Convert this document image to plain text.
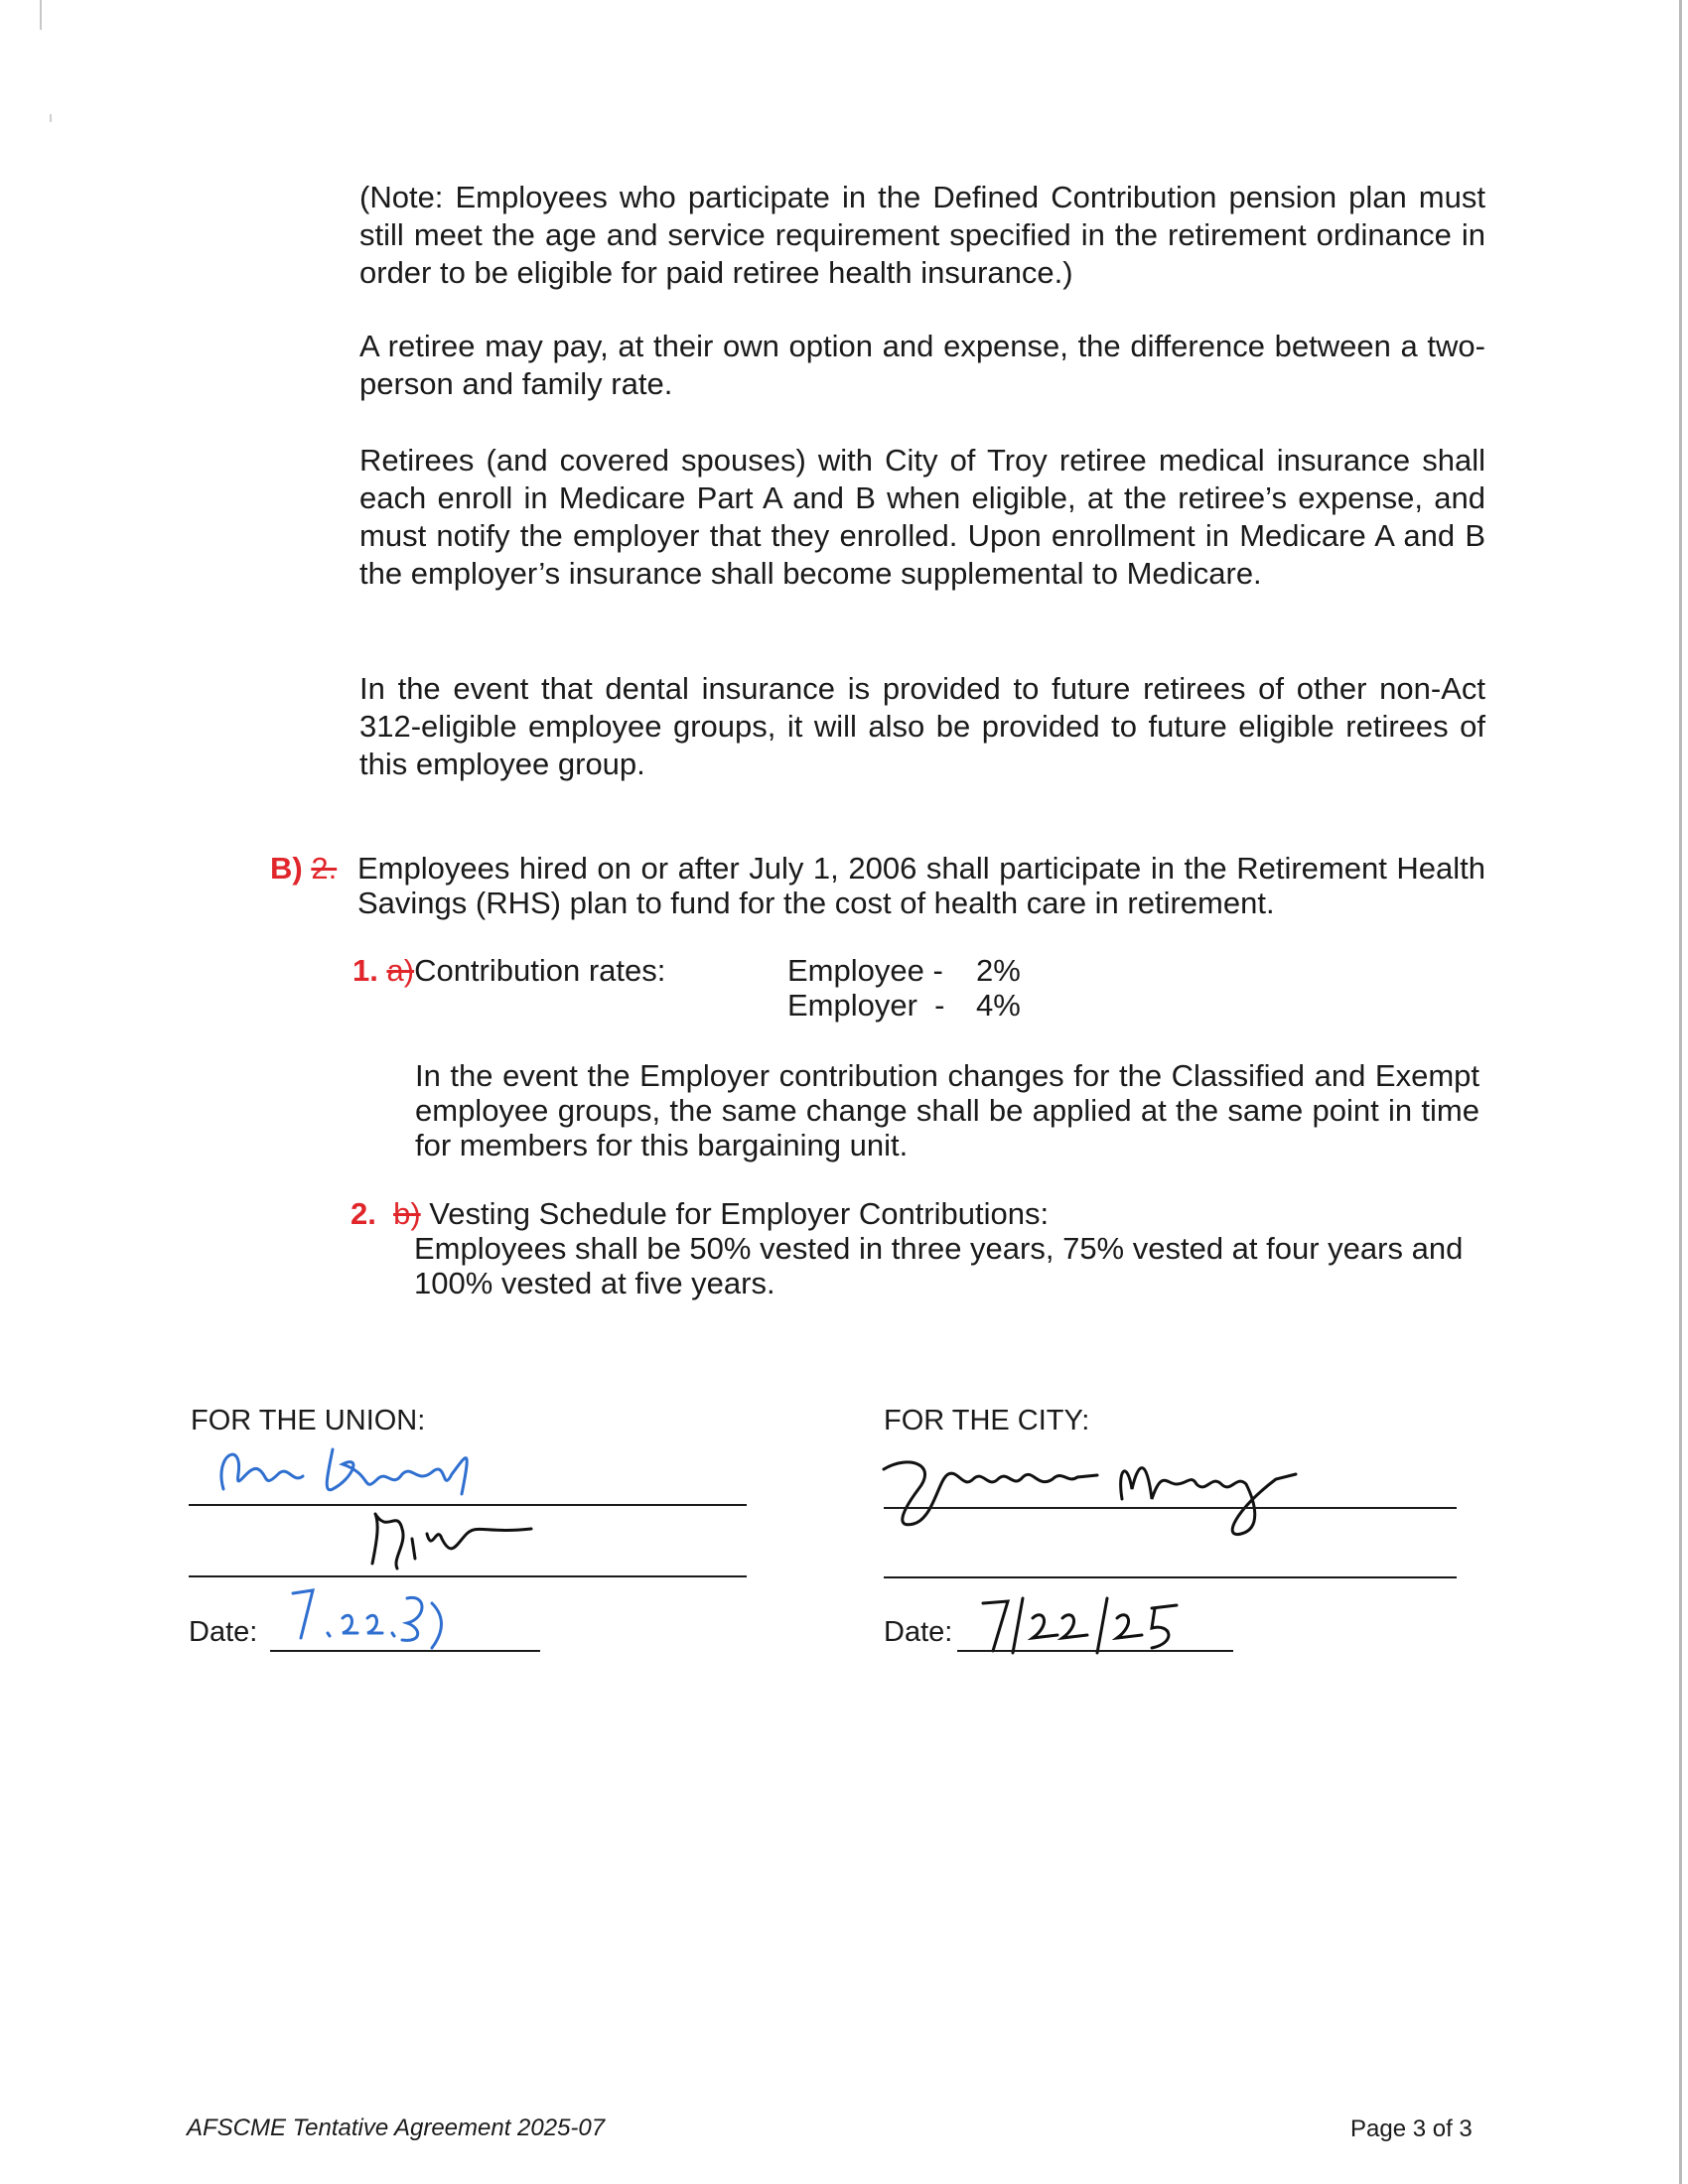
(Note: Employees who participate in the Defined Contribution pension plan must still meet the age and service requirement specified in the retirement ordinance in order to be eligible for paid retiree health insurance.)

A retiree may pay, at their own option and expense, the difference between a two-person and family rate.

Retirees (and covered spouses) with City of Troy retiree medical insurance shall each enroll in Medicare Part A and B when eligible, at the retiree’s expense, and must notify the employer that they enrolled. Upon enrollment in Medicare A and B the employer’s insurance shall become supplemental to Medicare.

In the event that dental insurance is provided to future retirees of other non-Act 312-eligible employee groups, it will also be provided to future eligible retirees of this employee group.

B) 2. Employees hired on or after July 1, 2006 shall participate in the Retirement Health Savings (RHS) plan to fund for the cost of health care in retirement.
1. a)Contribution rates:	Employee -	2%
Employer  -	4%

In the event the Employer contribution changes for the Classified and Exempt employee groups, the same change shall be applied at the same point in time for members for this bargaining unit.

2. b) Vesting Schedule for Employer Contributions:

Employees shall be 50% vested in three years, 75% vested at four years and 100% vested at five years.

FOR THE UNION:
Date:
FOR THE CITY:
Date:
AFSCME Tentative Agreement 2025-07	Page 3 of 3
